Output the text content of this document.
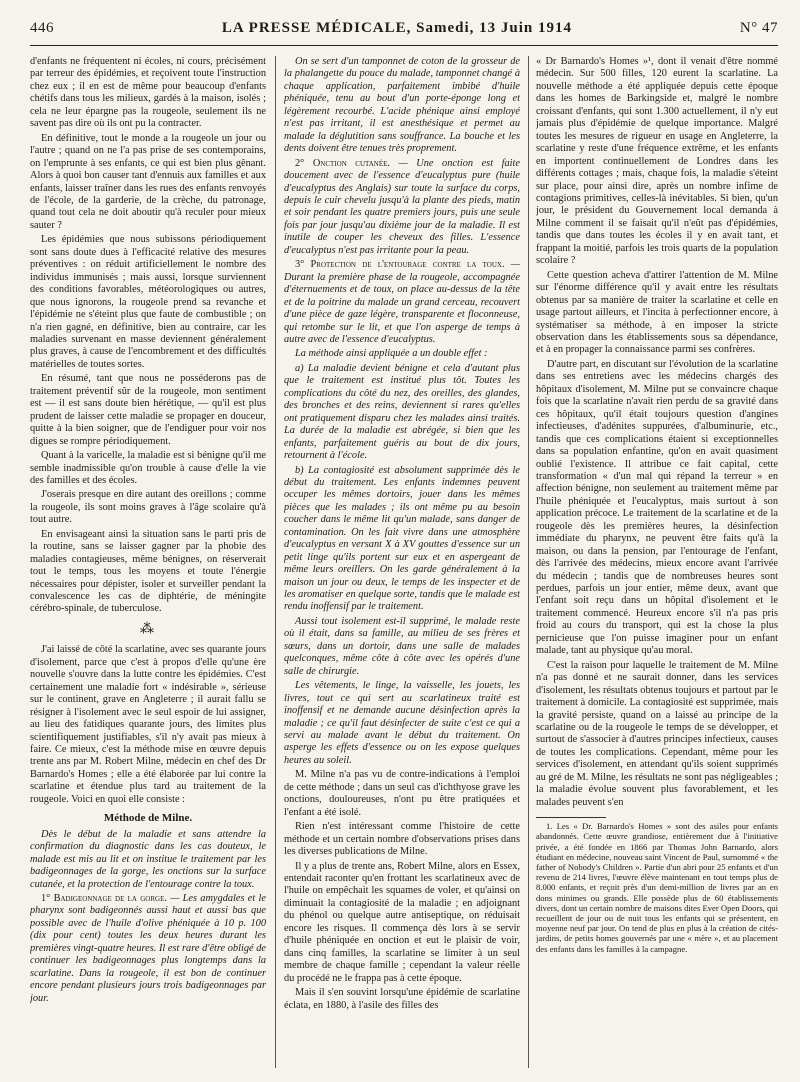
446	LA PRESSE MÉDICALE, Samedi, 13 Juin 1914	N° 47

d'enfants ne fréquentent ni écoles, ni cours, précisément par terreur des épidémies, et reçoivent toute l'instruction chez eux ; il en est de même pour beaucoup d'enfants chétifs dans tous les milieux, gardés à la maison, isolés ; cela ne leur épargne pas la rougeole, seulement ils ne savent pas dire où ils ont pu la contracter.

En définitive, tout le monde a la rougeole un jour ou l'autre ; quand on ne l'a pas prise de ses contemporains, on l'emprunte à ses enfants, ce qui est bien plus gênant. Alors à quoi bon causer tant d'ennuis aux familles et aux enfants, laisser traîner dans les rues des enfants renvoyés de l'école, de la garderie, de la crèche, du patronage, quand tout cela ne doit aboutir qu'à reculer pour mieux sauter ?

Les épidémies que nous subissons périodiquement sont sans doute dues à l'efficacité relative des mesures préventives : on réduit artificiellement le nombre des individus immunisés ; mais aussi, lorsque surviennent des conditions favorables, météorologiques ou autres, que nous ignorons, la rougeole prend sa revanche et l'épidémie ne s'éteint plus que faute de combustible ; on n'a rien gagné, en définitive, bien au contraire, car les maladies survenant en masse deviennent généralement plus graves, à cause de l'encombrement et des difficultés matérielles de toutes sortes.

En résumé, tant que nous ne posséderons pas de traitement préventif sûr de la rougeole, mon sentiment est — il est sans doute bien hérétique, — qu'il est plus prudent de laisser cette maladie se propager en douceur, quitte à la bien soigner, que de l'endiguer pour voir nos digues se rompre périodiquement.

Quant à la varicelle, la maladie est si bénigne qu'il me semble inadmissible qu'on trouble à cause d'elle la vie des familles et des écoles.

J'oserais presque en dire autant des oreillons ; comme la rougeole, ils sont moins graves à l'âge scolaire qu'à tout autre.

En envisageant ainsi la situation sans le parti pris de la routine, sans se laisser gagner par la phobie des maladies contagieuses, même bénignes, on réserverait tout le temps, tous les moyens et toute l'énergie nécessaires pour dépister, isoler et surveiller pendant la convalescence les cas de diphtérie, de méningite cérébro-spinale, de tuberculose.

⁂

J'ai laissé de côté la scarlatine, avec ses quarante jours d'isolement, parce que c'est à propos d'elle qu'une ère nouvelle s'ouvre dans la lutte contre les épidémies. C'est certainement une maladie fort « indésirable », sérieuse sur le continent, grave en Angleterre ; il aurait fallu se résigner à l'isolement avec le seul espoir de lui assigner, au lieu des fatidiques quarante jours, des limites plus scientifiquement justifiables, s'il n'y avait pas mieux à faire. Ce mieux, c'est la méthode mise en œuvre depuis trente ans par M. Robert Milne, médecin en chef des Dr Barnardo's Homes ; elle a été élaborée par lui contre la scarlatine et étendue plus tard au traitement de la rougeole. Voici en quoi elle consiste :

Méthode de Milne.

Dès le début de la maladie et sans attendre la confirmation du diagnostic dans les cas douteux, le malade est mis au lit et on institue le traitement par les badigeonnages de la gorge, les onctions sur la surface cutanée, et la protection de l'entourage contre la toux.

1° Badigeonnage de la gorge. — Les amygdales et le pharynx sont badigeonnés aussi haut et aussi bas que possible avec de l'huile d'olive phéniquée à 10 p. 100 (dix pour cent) toutes les deux heures durant les premières vingt-quatre heures. Il est rare d'être obligé de continuer les badigeonnages plus longtemps dans la scarlatine. Dans la rougeole, il est bon de continuer encore pendant plusieurs jours trois badigeonnages par jour.

On se sert d'un tamponnet de coton de la grosseur de la phalangette du pouce du malade, tamponnet changé à chaque application, parfaitement imbibé d'huile phéniquée, tenu au bout d'un porte-éponge long et légèrement recourbé. L'acide phénique ainsi employé n'est pas irritant, il est anesthésique et permet au malade la déglutition sans souffrance. La bouche et les dents doivent être tenues très proprement.

2° Onction cutanée. — Une onction est faite doucement avec de l'essence d'eucalyptus pure (huile d'eucalyptus des Anglais) sur toute la surface du corps, depuis le cuir chevelu jusqu'à la plante des pieds, matin et soir pendant les quatre premiers jours, puis une seule fois par jour jusqu'au dixième jour de la maladie. Il est inutile de couper les cheveux des filles. L'essence d'eucalyptus n'est pas irritante pour la peau.

3° Protection de l'entourage contre la toux. — Durant la première phase de la rougeole, accompagnée d'éternuements et de toux, on place au-dessus de la tête et de la poitrine du malade un grand cerceau, recouvert d'une pièce de gaze légère, transparente et floconneuse, qui retombe sur le lit, et que l'on asperge de temps à autre avec de l'essence d'eucalyptus.

La méthode ainsi appliquée a un double effet :

a) La maladie devient bénigne et cela d'autant plus que le traitement est institué plus tôt. Toutes les complications du côté du nez, des oreilles, des glandes, des bronches et des reins, deviennent si rares qu'elles ont pratiquement disparu chez les malades ainsi traités. La durée de la maladie est abrégée, si bien que les enfants, parfaitement guéris au bout de dix jours, retournent à l'école.

b) La contagiosité est absolument supprimée dès le début du traitement. Les enfants indemnes peuvent occuper les mêmes dortoirs, jouer dans les mêmes pièces que les malades ; ils ont même pu au besoin coucher dans le même lit qu'un malade, sans danger de contamination. On les fait vivre dans une atmosphère d'eucalyptus en versant X à XV gouttes d'essence sur un petit linge qu'ils portent sur eux et en aspergeant de même leurs oreillers. On les garde généralement à la maison un jour ou deux, le temps de les inspecter et de les aromatiser en quelque sorte, tandis que le malade est rendu inoffensif par le traitement.

Aussi tout isolement est-il supprimé, le malade reste où il était, dans sa famille, au milieu de ses frères et sœurs, dans un dortoir, dans une salle de malades quelconques, même côte à côte avec les opérés d'une salle de chirurgie.

Les vêtements, le linge, la vaisselle, les jouets, les livres, tout ce qui sert au scarlatineux traité est inoffensif et ne demande aucune désinfection après la maladie ; ce qu'il faut désinfecter de suite c'est ce qui a servi au malade avant le début du traitement. On asperge les effets d'essence ou on les expose quelques heures au soleil.

M. Milne n'a pas vu de contre-indications à l'emploi de cette méthode ; dans un seul cas d'ichthyose grave les onctions, douloureuses, n'ont pu être pratiquées et l'enfant a été isolé.

Rien n'est intéressant comme l'histoire de cette méthode et un certain nombre d'observations prises dans les diverses publications de Milne.

Il y a plus de trente ans, Robert Milne, alors en Essex, entendait raconter qu'en frottant les scarlatineux avec de l'huile on empêchait les squames de voler, et qu'ainsi on diminuait la contagiosité de la maladie ; en adjoignant du phénol ou quelque autre antiseptique, on réduisait encore les risques. Il commença dès lors à se servir d'huile phéniquée en onction et eut le plaisir de voir, dans cinq familles, la scarlatine se limiter à un seul membre de chaque famille ; cependant la valeur réelle du procédé ne le frappa pas à cette époque.

Mais il s'en souvint lorsqu'une épidémie de scarlatine éclata, en 1880, à l'asile des filles des

« Dr Barnardo's Homes »¹, dont il venait d'être nommé médecin. Sur 500 filles, 120 eurent la scarlatine. La nouvelle méthode a été appliquée depuis cette époque dans les homes de Barkingside et, malgré le nombre croissant d'enfants, qui sont 1.300 actuellement, il n'y eut jamais plus d'épidémie de quelque importance. Malgré toutes les mesures de rigueur en usage en Angleterre, la scarlatine y reste d'une fréquence extrême, et les enfants en importent continuellement de Londres dans les différents cottages ; mais, chaque fois, la maladie s'éteint sur place, pour ainsi dire, après un nombre infime de contagions primitives, celles-là inévitables. Si bien, qu'un jour, le président du Gouvernement local demanda à Milne comment il se faisait qu'il n'eût pas d'épidémies, tandis que dans toutes les écoles il y en avait tant, et frappant la moitié, parfois les trois quarts de la population scolaire ?

Cette question acheva d'attirer l'attention de M. Milne sur l'énorme différence qu'il y avait entre les résultats obtenus par sa manière de traiter la scarlatine et celle en usage partout ailleurs, et l'incita à perfectionner encore, à systématiser sa méthode, à en imposer la stricte observation dans les établissements sous sa dépendance, et à en propager la connaissance parmi ses confrères.

D'autre part, en discutant sur l'évolution de la scarlatine dans ses entretiens avec les médecins chargés des hôpitaux d'isolement, M. Milne put se convaincre chaque fois que la scarlatine n'avait rien perdu de sa gravité dans ces hôpitaux, qu'il était toujours question d'angines infectieuses, d'adénites suppurées, d'albuminurie, etc., tandis que ces complications étaient si exceptionnelles dans sa population enfantine, qu'on en avait quasiment oublié l'existence. Il attribue ce fait capital, cette transformation « d'un mal qui répand la terreur » en affection bénigne, non seulement au traitement même par l'huile phéniquée et l'eucalyptus, mais surtout à son application précoce. Le traitement de la scarlatine et de la rougeole dès les premières heures, la désinfection immédiate du pharynx, ne peuvent être faits qu'à la maison, ou dans la pension, par l'entourage de l'enfant, dès l'arrivée des médecins, mieux encore avant l'arrivée du médecin ; tandis que de nombreuses heures sont perdues, parfois un jour entier, même deux, avant que l'enfant soit reçu dans un hôpital d'isolement et le traitement commencé. Heureux encore s'il n'a pas pris froid au cours du transport, qui est la chose la plus pernicieuse que l'on puisse imaginer pour un enfant malade, tant au physique qu'au moral.

C'est la raison pour laquelle le traitement de M. Milne n'a pas donné et ne saurait donner, dans les services d'isolement, les résultats obtenus toujours et partout par le traitement à domicile. La contagiosité est supprimée, mais la gravité persiste, quand on a laissé au principe de la scarlatine ou de la rougeole le temps de se développer, et surtout de s'associer à d'autres principes infectieux, causes de toutes les complications. Cependant, même pour les services d'isolement, en attendant qu'ils soient supprimés au gré de M. Milne, les résultats ne sont pas négligeables ; la maladie évolue souvent plus favorablement, et les malades peuvent s'en

1. Les « Dr. Barnardo's Homes » sont des asiles pour enfants abandonnés. Cette œuvre grandiose, entièrement due à l'initiative privée, a été fondée en 1866 par Thomas John Barnardo, alors étudiant en médecine, nouveau saint Vincent de Paul, surnommé « the father of Nobody's Children ». Partie d'un abri pour 25 enfants et d'un revenu de 214 livres, l'œuvre élève maintenant en tout temps plus de 8.000 enfants, et reçoit près d'un demi-million de livres par an en dons minimes ou grands. Elle possède plus de 60 établissements divers, dont un certain nombre de maisons dites Ever Open Doors, qui recueillent de jour ou de nuit tous les enfants qui se présentent, en moyenne neuf par jour. On tend de plus en plus à la création de cités-jardins, de petits homes gouvernés par une « mère », et au placement des enfants dans les familles à la campagne.
